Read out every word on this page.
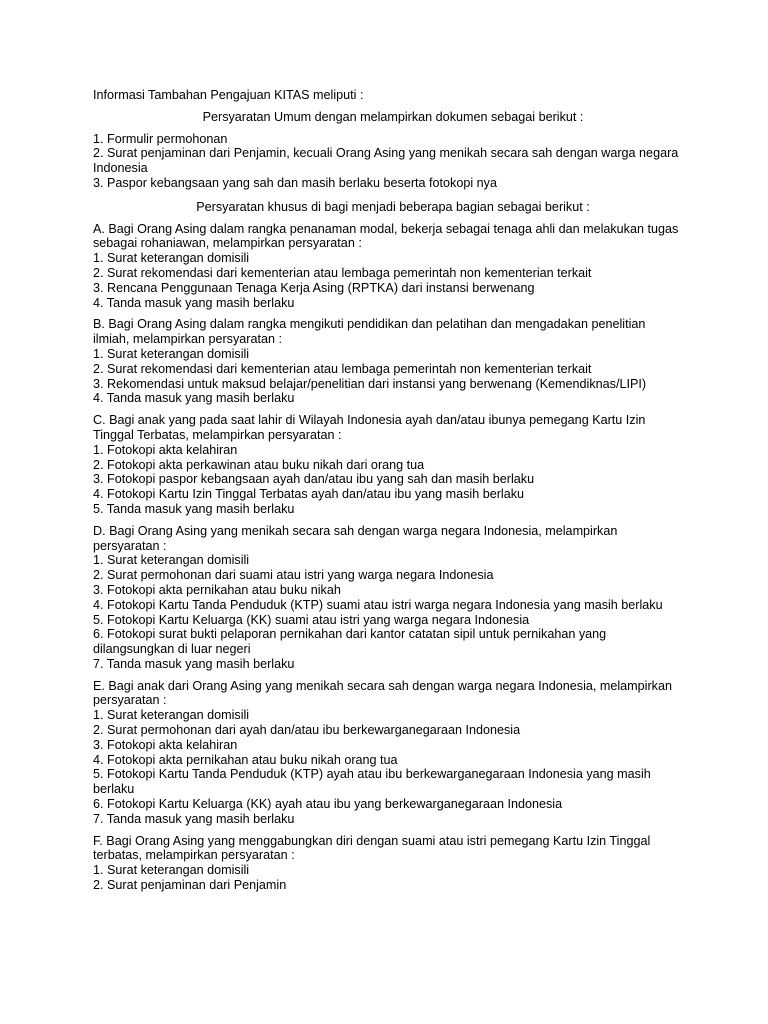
Informasi Tambahan Pengajuan KITAS meliputi :
Persyaratan Umum dengan melampirkan dokumen sebagai berikut :
1. Formulir permohonan
2. Surat penjaminan dari Penjamin, kecuali Orang Asing yang menikah secara sah dengan warga negara Indonesia
3. Paspor kebangsaan yang sah dan masih berlaku beserta fotokopi nya
Persyaratan khusus di bagi menjadi beberapa bagian sebagai berikut :
A. Bagi Orang Asing dalam rangka penanaman modal, bekerja sebagai tenaga ahli dan melakukan tugas sebagai rohaniawan, melampirkan persyaratan :
1. Surat keterangan domisili
2. Surat rekomendasi dari kementerian atau lembaga pemerintah non kementerian terkait
3. Rencana Penggunaan Tenaga Kerja Asing (RPTKA) dari instansi berwenang
4. Tanda masuk yang masih berlaku
B. Bagi Orang Asing dalam rangka mengikuti pendidikan dan pelatihan dan mengadakan penelitian ilmiah, melampirkan persyaratan :
1. Surat keterangan domisili
2. Surat rekomendasi dari kementerian atau lembaga pemerintah non kementerian terkait
3. Rekomendasi untuk maksud belajar/penelitian dari instansi yang berwenang (Kemendiknas/LIPI)
4. Tanda masuk yang masih berlaku
C. Bagi anak yang pada saat lahir di Wilayah Indonesia ayah dan/atau ibunya pemegang Kartu Izin Tinggal Terbatas, melampirkan persyaratan :
1. Fotokopi akta kelahiran
2. Fotokopi akta perkawinan atau buku nikah dari orang tua
3. Fotokopi paspor kebangsaan ayah dan/atau ibu yang sah dan masih berlaku
4. Fotokopi Kartu Izin Tinggal Terbatas ayah dan/atau ibu yang masih berlaku
5. Tanda masuk yang masih berlaku
D. Bagi Orang Asing yang menikah secara sah dengan warga negara Indonesia, melampirkan persyaratan :
1. Surat keterangan domisili
2. Surat permohonan dari suami atau istri yang warga negara Indonesia
3. Fotokopi akta pernikahan atau buku nikah
4. Fotokopi Kartu Tanda Penduduk (KTP) suami atau istri warga negara Indonesia yang masih berlaku
5. Fotokopi Kartu Keluarga (KK) suami atau istri yang warga negara Indonesia
6. Fotokopi surat bukti pelaporan pernikahan dari kantor catatan sipil untuk pernikahan yang dilangsungkan di luar negeri
7. Tanda masuk yang masih berlaku
E. Bagi anak dari Orang Asing yang menikah secara sah dengan warga negara Indonesia, melampirkan persyaratan :
1. Surat keterangan domisili
2. Surat permohonan dari ayah dan/atau ibu berkewarganegaraan Indonesia
3. Fotokopi akta kelahiran
4. Fotokopi akta pernikahan atau buku nikah orang tua
5. Fotokopi Kartu Tanda Penduduk (KTP) ayah atau ibu berkewarganegaraan Indonesia yang masih berlaku
6. Fotokopi Kartu Keluarga (KK) ayah atau ibu yang berkewarganegaraan Indonesia
7. Tanda masuk yang masih berlaku
F. Bagi Orang Asing yang menggabungkan diri dengan suami atau istri pemegang Kartu Izin Tinggal terbatas, melampirkan persyaratan :
1. Surat keterangan domisili
2. Surat penjaminan dari Penjamin
